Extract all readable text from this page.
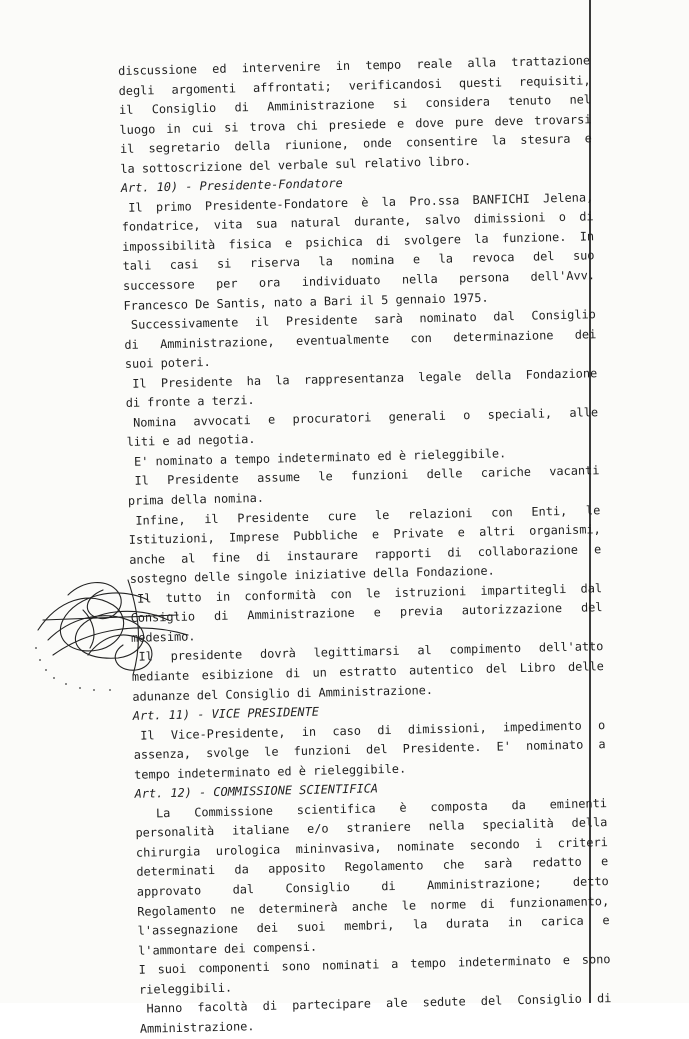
discussione ed intervenire in tempo reale alla trattazione
degli argomenti affrontati; verificandosi questi requisiti,
il Consiglio di Amministrazione si considera tenuto nel
luogo in cui si trova chi presiede e dove pure deve trovarsi
il segretario della riunione, onde consentire la stesura e
la sottoscrizione del verbale sul relativo libro.
Art. 10) - Presidente-Fondatore
Il primo Presidente-Fondatore è la Pro.ssa BANFICHI Jelena,
fondatrice, vita sua natural durante, salvo dimissioni o di
impossibilità fisica e psichica di svolgere la funzione. In
tali casi si riserva la nomina e la revoca del suo
successore per ora individuato nella persona dell'Avv.
Francesco De Santis, nato a Bari il 5 gennaio 1975.
Successivamente il Presidente sarà nominato dal Consiglio
di Amministrazione, eventualmente con determinazione dei
suoi poteri.
Il Presidente ha la rappresentanza legale della Fondazione
di fronte a terzi.
Nomina avvocati e procuratori generali o speciali, alle
liti e ad negotia.
E' nominato a tempo indeterminato ed è rieleggibile.
Il Presidente assume le funzioni delle cariche vacanti
prima della nomina.
Infine, il Presidente cure le relazioni con Enti, le
Istituzioni, Imprese Pubbliche e Private e altri organismi,
anche al fine di instaurare rapporti di collaborazione e
sostegno delle singole iniziative della Fondazione.
Il tutto in conformità con le istruzioni impartitegli dal
Consiglio di Amministrazione e previa autorizzazione del
medesimo.
Il presidente dovrà legittimarsi al compimento dell'atto
mediante esibizione di un estratto autentico del Libro delle
adunanze del Consiglio di Amministrazione.
Art. 11) - VICE PRESIDENTE
Il Vice-Presidente, in caso di dimissioni, impedimento o
assenza, svolge le funzioni del Presidente. E' nominato a
tempo indeterminato ed è rieleggibile.
Art. 12) - COMMISSIONE SCIENTIFICA
La Commissione scientifica è composta da eminenti
personalità italiane e/o straniere nella specialità della
chirurgia urologica mininvasiva, nominate secondo i criteri
determinati da apposito Regolamento che sarà redatto e
approvato dal Consiglio di Amministrazione; detto
Regolamento ne determinerà anche le norme di funzionamento,
l'assegnazione dei suoi membri, la durata in carica e
l'ammontare dei compensi.
I suoi componenti sono nominati a tempo indeterminato e sono
rieleggibili.
Hanno facoltà di partecipare ale sedute del Consiglio di
Amministrazione.
